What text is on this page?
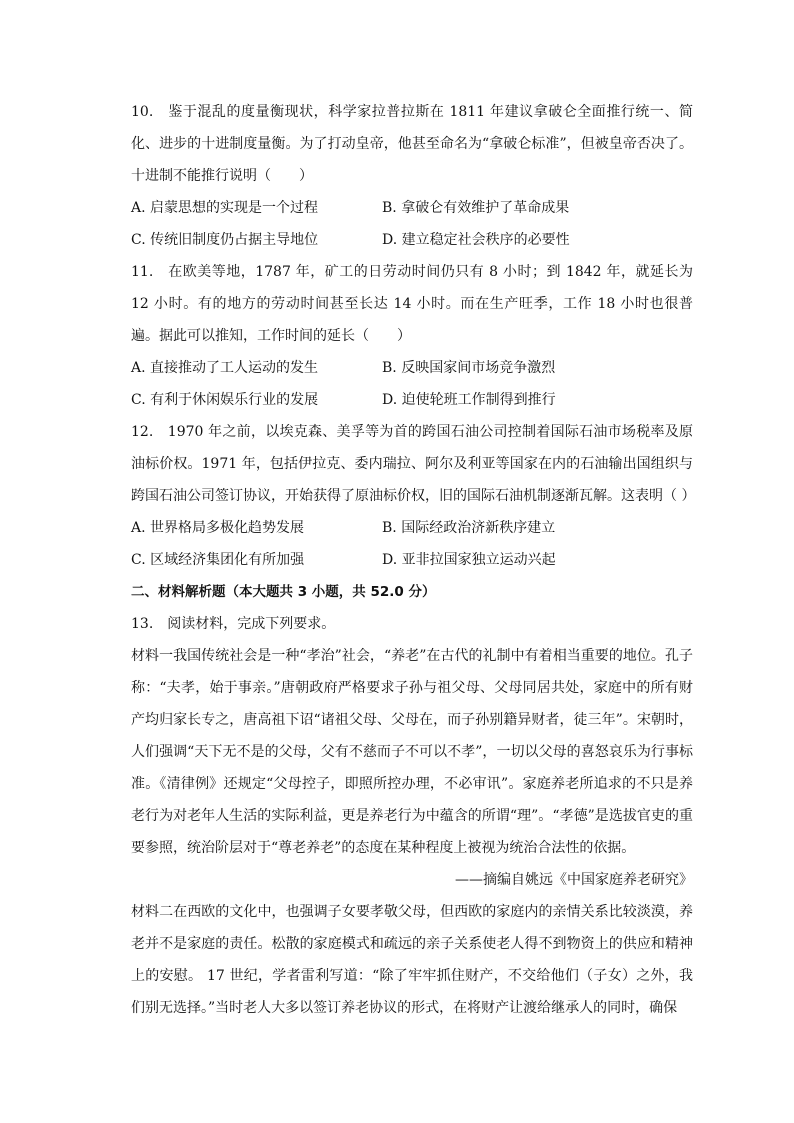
10.　鉴于混乱的度量衡现状，科学家拉普拉斯在 1811 年建议拿破仑全面推行统一、简化、进步的十进制度量衡。为了打动皇帝，他甚至命名为“拿破仑标准”，但被皇帝否决了。十进制不能推行说明（　　）

A. 启蒙思想的实现是一个过程	B. 拿破仑有效维护了革命成果
C. 传统旧制度仍占据主导地位	D. 建立稳定社会秩序的必要性

11.　在欧美等地，1787 年，矿工的日劳动时间仍只有 8 小时；到 1842 年，就延长为 12 小时。有的地方的劳动时间甚至长达 14 小时。而在生产旺季，工作 18 小时也很普遍。据此可以推知，工作时间的延长（　　）

A. 直接推动了工人运动的发生	B. 反映国家间市场竞争激烈
C. 有利于休闲娱乐行业的发展	D. 迫使轮班工作制得到推行

12.　1970 年之前，以埃克森、美孚等为首的跨国石油公司控制着国际石油市场税率及原油标价权。1971 年，包括伊拉克、委内瑞拉、阿尔及利亚等国家在内的石油输出国组织与跨国石油公司签订协议，开始获得了原油标价权，旧的国际石油机制逐渐瓦解。这表明（ ）

A. 世界格局多极化趋势发展	B. 国际经政治济新秩序建立
C. 区域经济集团化有所加强	D. 亚非拉国家独立运动兴起

二、材料解析题（本大题共 3 小题，共 52.0 分）

13.　阅读材料，完成下列要求。

材料一我国传统社会是一种“孝治”社会，“养老”在古代的礼制中有着相当重要的地位。孔子称：“夫孝，始于事亲。”唐朝政府严格要求子孙与祖父母、父母同居共处，家庭中的所有财产均归家长专之，唐高祖下诏“诸祖父母、父母在，而子孙别籍异财者，徒三年”。宋朝时，人们强调“天下无不是的父母，父有不慈而子不可以不孝”，一切以父母的喜怒哀乐为行事标准。《清律例》还规定“父母控子，即照所控办理，不必审讯”。家庭养老所追求的不只是养老行为对老年人生活的实际利益，更是养老行为中蕴含的所谓“理”。“孝德”是选拔官吏的重要参照，统治阶层对于“尊老养老”的态度在某种程度上被视为统治合法性的依据。

——摘编自姚远《中国家庭养老研究》

材料二在西欧的文化中，也强调子女要孝敬父母，但西欧的家庭内的亲情关系比较淡漠，养老并不是家庭的责任。松散的家庭模式和疏远的亲子关系使老人得不到物资上的供应和精神上的安慰。 17 世纪，学者雷利写道：“除了牢牢抓住财产，不交给他们（子女）之外，我们别无选择。”当时老人大多以签订养老协议的形式，在将财产让渡给继承人的同时，确保
